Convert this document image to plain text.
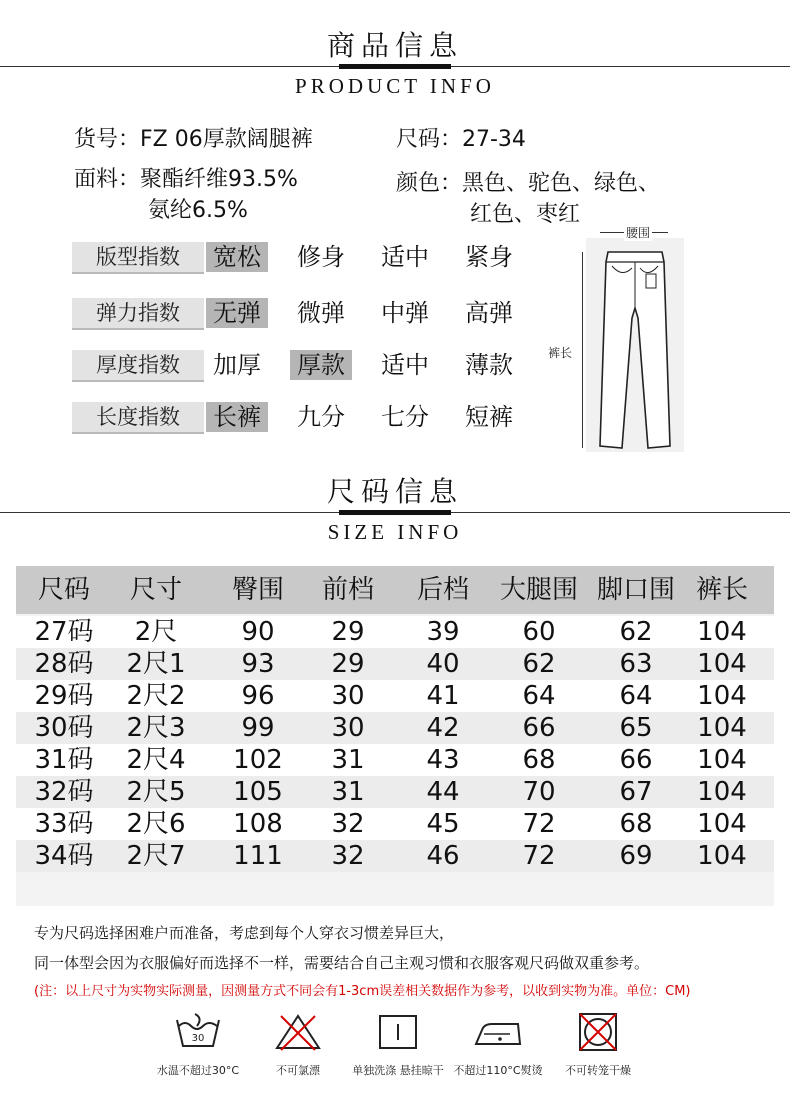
商品信息
PRODUCT INFO
货号：FZ 06厚款阔腿裤	尺码：27-34
面料：聚酯纤维93.5%
氨纶6.5%
颜色：黑色、驼色、绿色、
红色、枣红
版型指数	宽松 修身 适中 紧身
弹力指数	无弹 微弹 中弹 高弹
厚度指数	加厚 厚款 适中 薄款
长度指数	长裤 九分 七分 短裤
腰围
裤长
尺码信息
SIZE INFO
尺码	尺寸	臀围	前档	后档	大腿围 脚口围 裤长
27码	2尺	90	29	39	60	62	104
28码	2尺1	93	29	40	62	63	104
29码	2尺2	96	30	41	64	64	104
30码	2尺3	99	30	42	66	65	104
31码	2尺4	102	31	43	68	66	104
32码	2尺5	105	31	44	70	67	104
33码	2尺6	108	32	45	72	68	104
34码	2尺7	111	32	46	72	69	104
专为尺码选择困难户而准备，考虑到每个人穿衣习惯差异巨大，
同一体型会因为衣服偏好而选择不一样，需要结合自己主观习惯和衣服客观尺码做双重参考。
(注：以上尺寸为实物实际测量，因测量方式不同会有1-3cm误差相关数据作为参考，以收到实物为准。单位：CM)
30
水温不超过30°C	不可氯漂	单独洗涤 悬挂晾干 不超过110°C熨烫	不可转笼干燥
